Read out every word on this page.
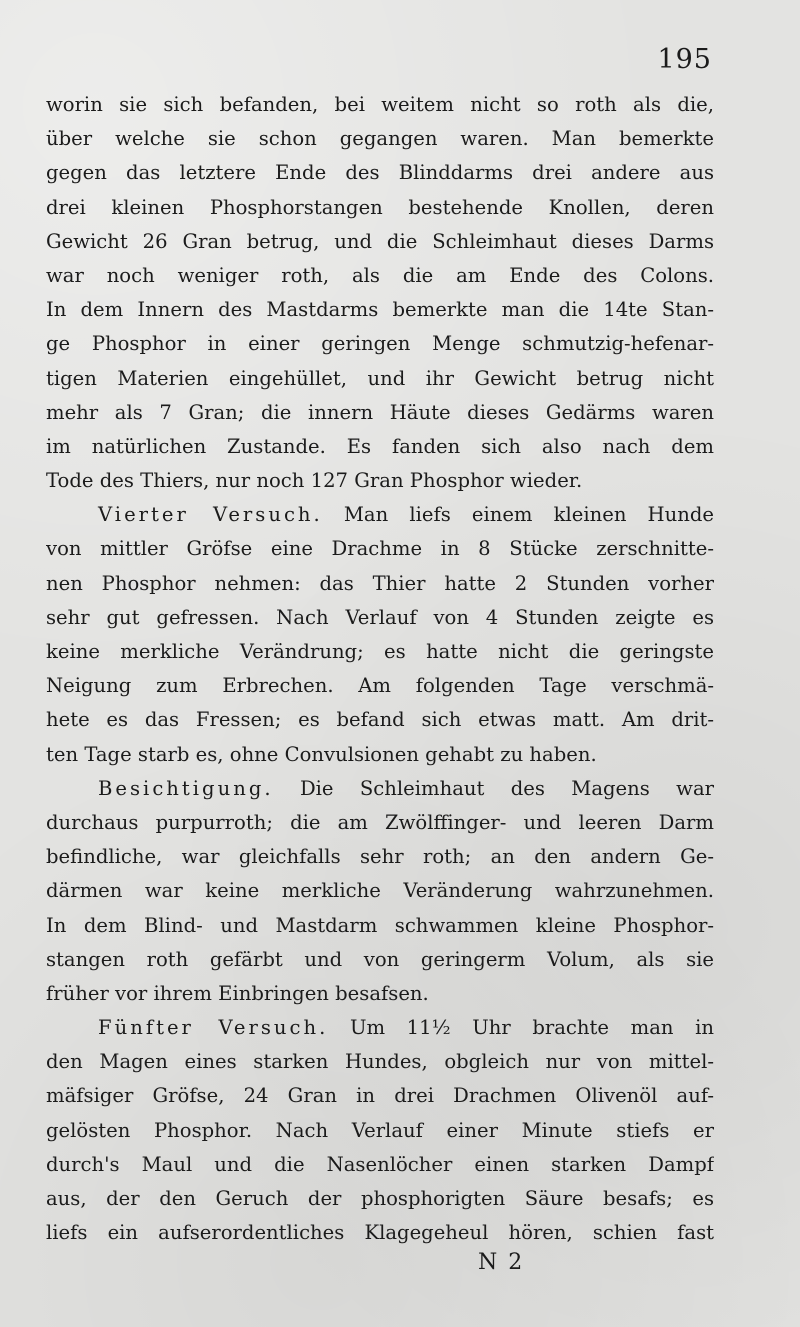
195
worin sie sich befanden, bei weitem nicht so roth als die,
über welche sie schon gegangen waren. Man bemerkte
gegen das letztere Ende des Blinddarms drei andere aus
drei kleinen Phosphorstangen bestehende Knollen, deren
Gewicht 26 Gran betrug, und die Schleimhaut dieses Darms
war noch weniger roth, als die am Ende des Colons.
In dem Innern des Mastdarms bemerkte man die 14te Stan-
ge Phosphor in einer geringen Menge schmutzig-hefenar-
tigen Materien eingehüllet, und ihr Gewicht betrug nicht
mehr als 7 Gran; die innern Häute dieses Gedärms waren
im natürlichen Zustande. Es fanden sich also nach dem
Tode des Thiers, nur noch 127 Gran Phosphor wieder.
Vierter Versuch. Man liefs einem kleinen Hunde
von mittler Gröfse eine Drachme in 8 Stücke zerschnitte-
nen Phosphor nehmen: das Thier hatte 2 Stunden vorher
sehr gut gefressen. Nach Verlauf von 4 Stunden zeigte es
keine merkliche Verändrung; es hatte nicht die geringste
Neigung zum Erbrechen. Am folgenden Tage verschmä-
hete es das Fressen; es befand sich etwas matt. Am drit-
ten Tage starb es, ohne Convulsionen gehabt zu haben.
Besichtigung. Die Schleimhaut des Magens war
durchaus purpurroth; die am Zwölffinger- und leeren Darm
befindliche, war gleichfalls sehr roth; an den andern Ge-
därmen war keine merkliche Veränderung wahrzunehmen.
In dem Blind- und Mastdarm schwammen kleine Phosphor-
stangen roth gefärbt und von geringerm Volum, als sie
früher vor ihrem Einbringen besafsen.
Fünfter Versuch. Um 11½ Uhr brachte man in
den Magen eines starken Hundes, obgleich nur von mittel-
mäfsiger Gröfse, 24 Gran in drei Drachmen Olivenöl auf-
gelösten Phosphor. Nach Verlauf einer Minute stiefs er
durch's Maul und die Nasenlöcher einen starken Dampf
aus, der den Geruch der phosphorigten Säure besafs; es
liefs ein aufserordentliches Klagegeheul hören, schien fast
N 2
